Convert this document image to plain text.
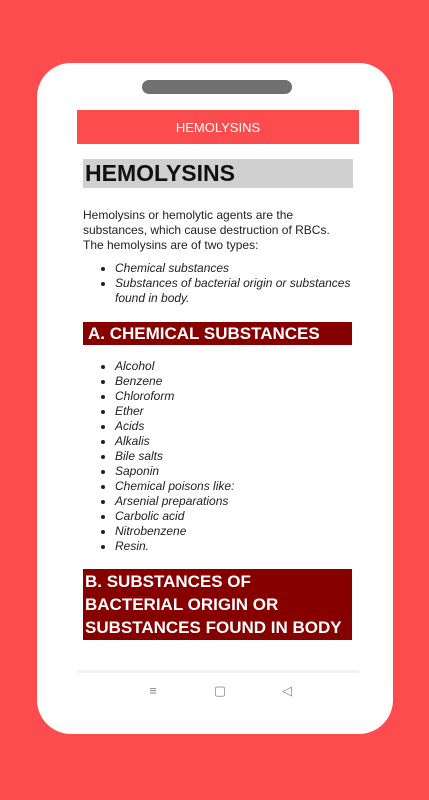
HEMOLYSINS
HEMOLYSINS

Hemolysins or hemolytic agents are the substances, which cause destruction of RBCs. The hemolysins are of two types:

• Chemical substances
• Substances of bacterial origin or substances found in body.
A. CHEMICAL SUBSTANCES
• Alcohol
• Benzene
• Chloroform
• Ether
• Acids
• Alkalis
• Bile salts
• Saponin
• Chemical poisons like:
• Arsenial preparations
• Carbolic acid
• Nitrobenzene
• Resin.
B. SUBSTANCES OF BACTERIAL ORIGIN OR SUBSTANCES FOUND IN BODY
≡	▢	◁
